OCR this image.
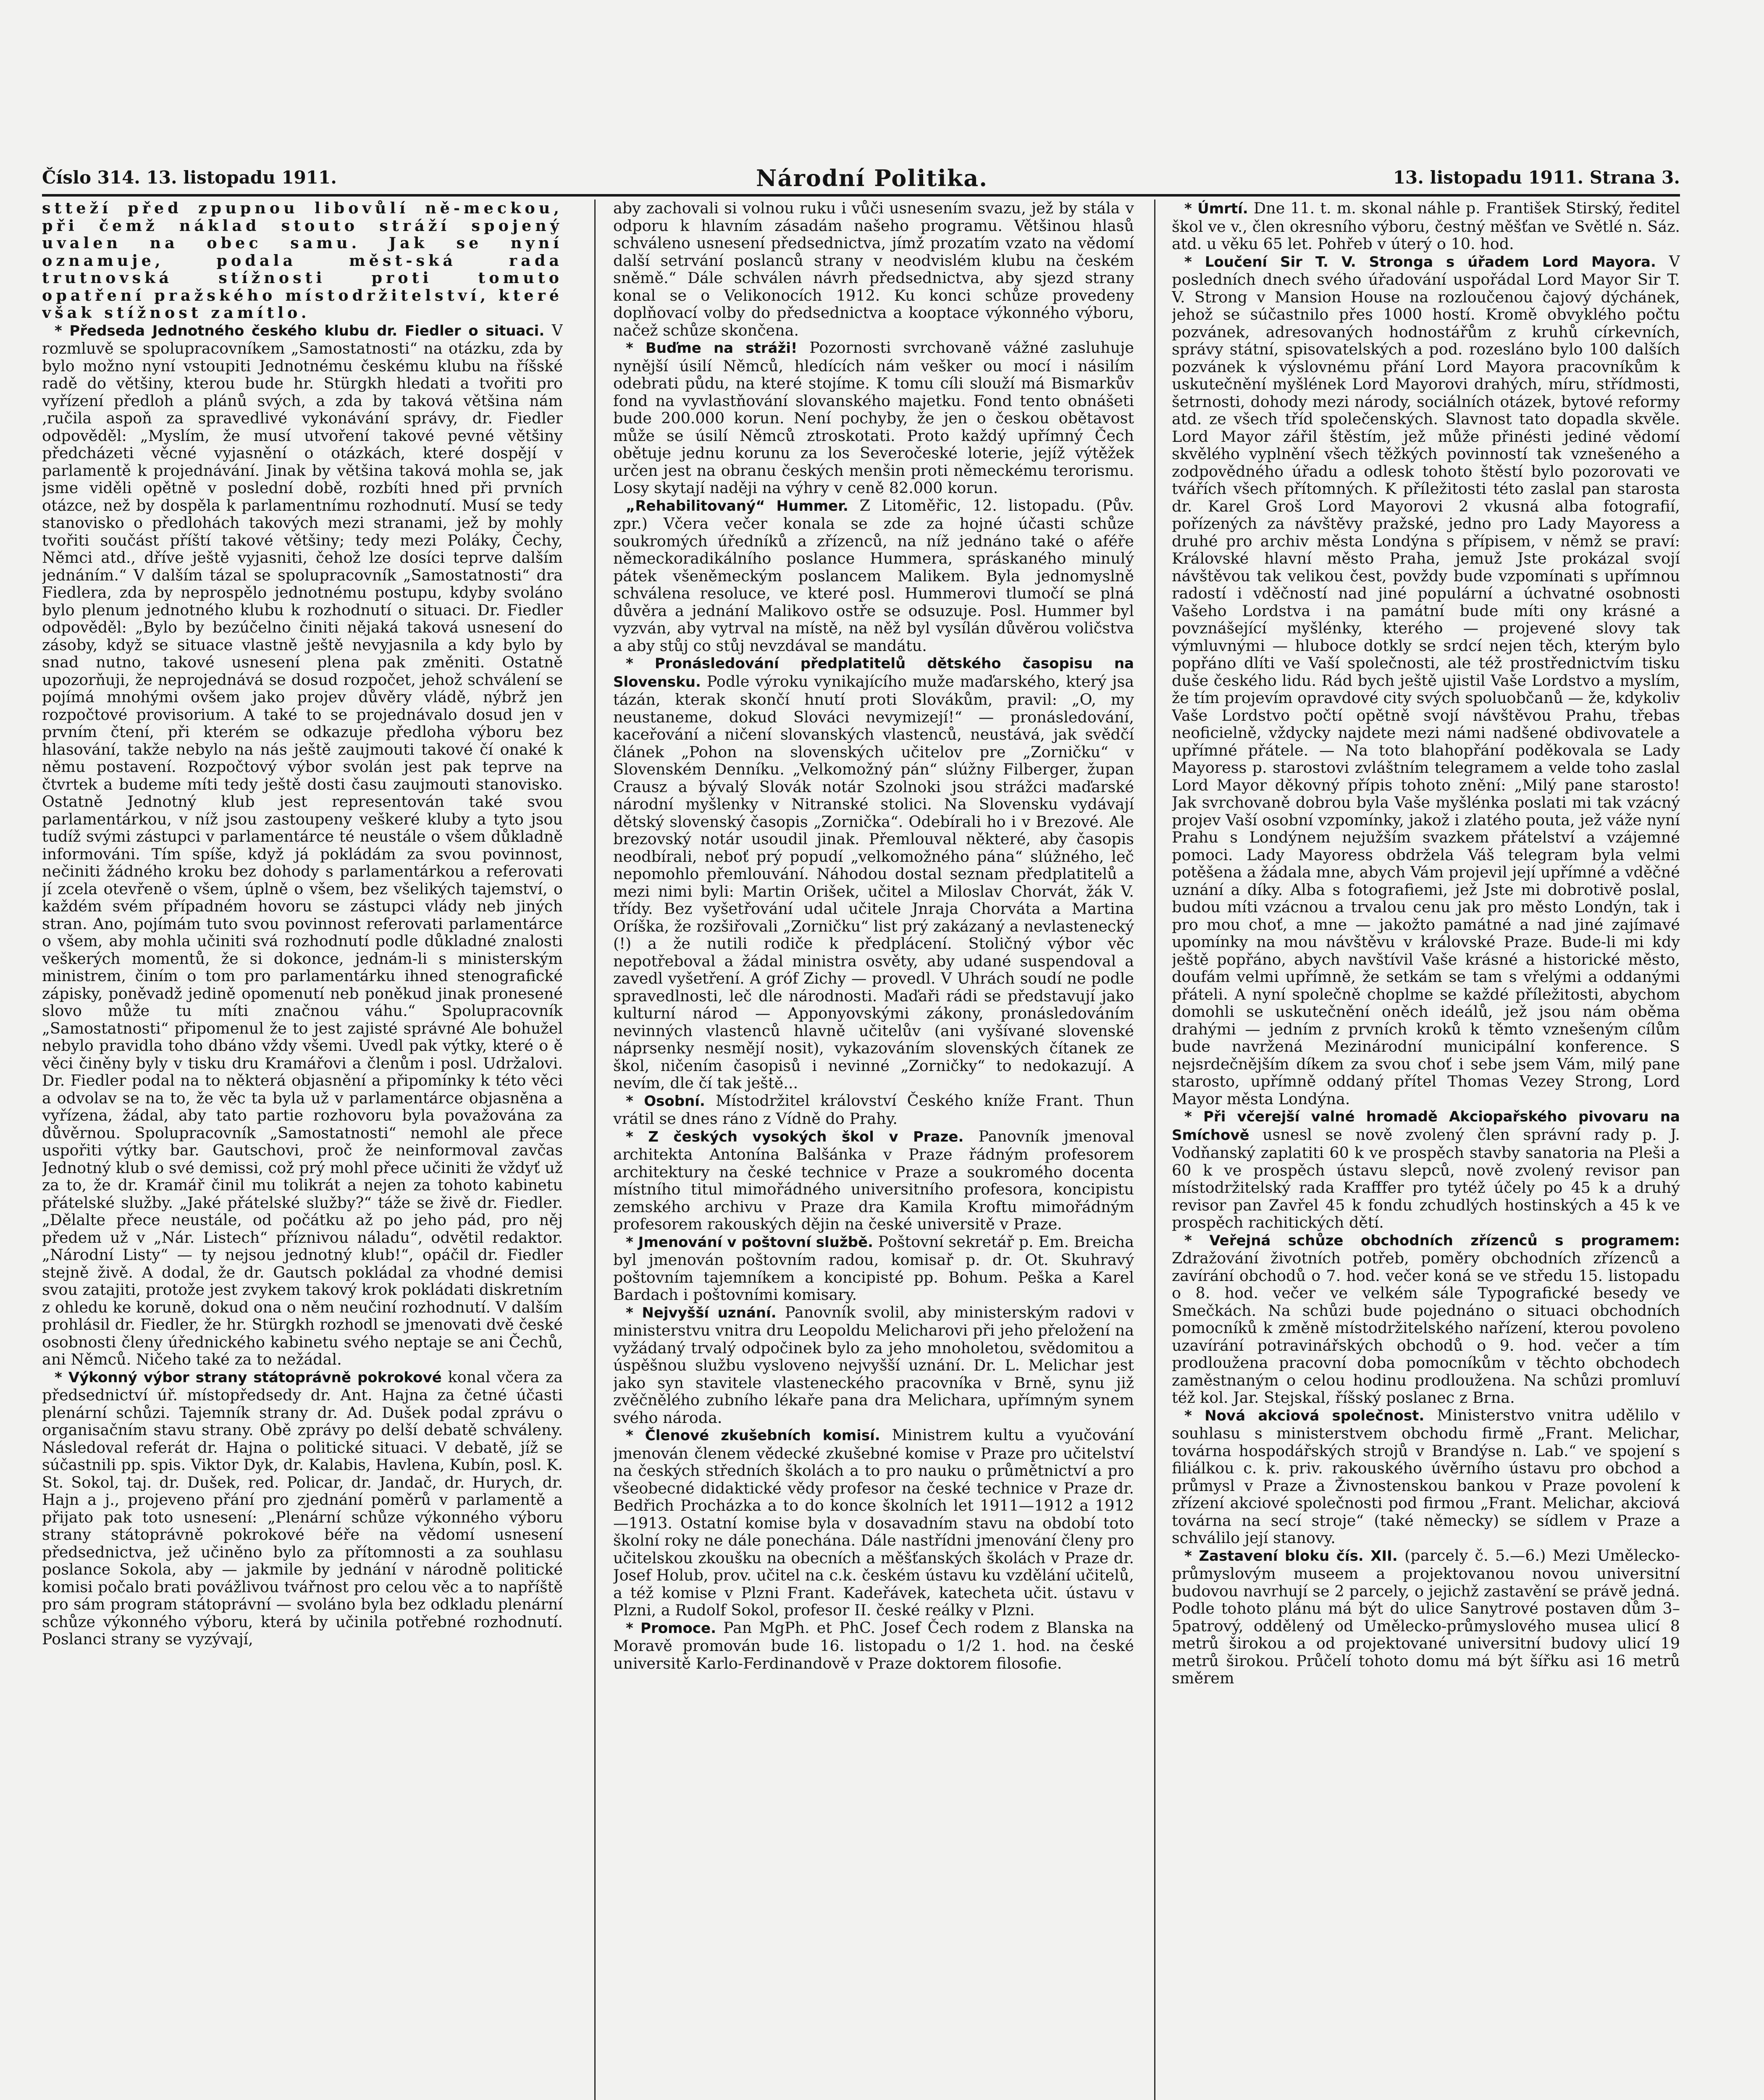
Číslo 314. 13. listopadu 1911.	Národní Politika.	13. listopadu 1911. Strana 3.

stteží před zpupnou libovůlí ně-meckou, při čemž náklad stouto stráží spojený uvalen na obec samu. Jak se nyní oznamuje, podala měst-ská rada trutnovská stížnosti proti tomuto opatření pražského místodržitelství, které však stížnost zamítlo.

* Předseda Jednotného českého klubu dr. Fiedler o situaci. V rozmluvě se spolupracovníkem „Samostatnosti“ na otázku, zda by bylo možno nyní vstoupiti Jednotnému českému klubu na říšské radě do většiny, kterou bude hr. Stürgkh hledati a tvořiti pro vyřízení předloh a plánů svých, a zda by taková většina nám ‚ručila aspoň za spravedlivé vykonávání správy, dr. Fiedler odpověděl: „Myslím, že musí utvoření takové pevné většiny předcházeti věcné vyjasnění o otázkách, které dospějí v parlamentě k projednávání. Jinak by většina taková mohla se, jak jsme viděli opětně v poslední době, rozbíti hned při prvních otázce, než by dospěla k parlamentnímu rozhodnutí. Musí se tedy stanovisko o předlohách takových mezi stranami, jež by mohly tvořiti součást příští takové většiny; tedy mezi Poláky, Čechy, Němci atd., dříve ještě vyjasniti, čehož lze dosíci teprve dalším jednáním.“ V dalším tázal se spolupracovník „Samostatnosti“ dra Fiedlera, zda by neprospělo jednotnému postupu, kdyby svoláno bylo plenum jednotného klubu k rozhodnutí o situaci. Dr. Fiedler odpověděl: „Bylo by bezúčelno činiti nějaká taková usnesení do zásoby, když se situace vlastně ještě nevyjasnila a kdy bylo by snad nutno, takové usnesení plena pak změniti. Ostatně upozorňuji, že neprojednává se dosud rozpočet, jehož schválení se pojímá mnohými ovšem jako projev důvěry vládě, nýbrž jen rozpočtové provisorium. A také to se projednávalo dosud jen v prvním čtení, při kterém se odkazuje předloha výboru bez hlasování, takže nebylo na nás ještě zaujmouti takové čí onaké k němu postavení. Rozpočtový výbor svolán jest pak teprve na čtvrtek a budeme míti tedy ještě dosti času zaujmouti stanovisko. Ostatně Jednotný klub jest representován také svou parlamentárkou, v níž jsou zastoupeny veškeré kluby a tyto jsou tudíž svými zástupci v parlamentárce té neustále o všem důkladně informováni. Tím spíše, když já pokládám za svou povinnost, nečiniti žádného kroku bez dohody s parlamentárkou a referovati jí zcela otevřeně o všem, úplně o všem, bez všelikých tajemství, o každém svém případném hovoru se zástupci vlády neb jiných stran. Ano, pojímám tuto svou povinnost referovati parlamentárce o všem, aby mohla učiniti svá rozhodnutí podle důkladné znalosti veškerých momentů, že si dokonce, jednám-li s ministerským ministrem, činím o tom pro parlamentárku ihned stenografické zápisky, poněvadž jedině opomenutí neb poněkud jinak pronesené slovo může tu míti značnou váhu.“ Spolupracovník „Samostatnosti“ připomenul že to jest zajisté správné Ale bohužel nebylo pravidla toho dbáno vždy všemi. Uvedl pak výtky, které o ě věci činěny byly v tisku dru Kramářovi a členům i posl. Udržalovi. Dr. Fiedler podal na to některá objasnění a připomínky k této věci a odvolav se na to, že věc ta byla už v parlamentárce objasněna a vyřízena, žádal, aby tato partie rozhovoru byla považována za důvěrnou. Spolupracovník „Samostatnosti“ nemohl ale přece uspořiti výtky bar. Gautschovi, proč že neinformoval zavčas Jednotný klub o své demissi, což prý mohl přece učiniti že vždyť už za to, že dr. Kramář činil mu tolikrát a nejen za tohoto kabinetu přátelské služby. „Jaké přátelské služby?“ táže se živě dr. Fiedler. „Dělalte přece neustále, od počátku až po jeho pád, pro něj předem už v „Nár. Listech“ příznivou náladu“, odvětil redaktor. „Národní Listy“ — ty nejsou jednotný klub!“, opáčil dr. Fiedler stejně živě. A dodal, že dr. Gautsch pokládal za vhodné demisi svou zatajiti, protože jest zvykem takový krok pokládati diskretním z ohledu ke koruně, dokud ona o něm neučiní rozhodnutí. V dalším prohlásil dr. Fiedler, že hr. Stürgkh rozhodl se jmenovati dvě české osobnosti členy úřednického kabinetu svého neptaje se ani Čechů, ani Němců. Ničeho také za to nežádal.

* Výkonný výbor strany státoprávně pokrokové konal včera za předsednictví úř. místopředsedy dr. Ant. Hajna za četné účasti plenární schůzi. Tajemník strany dr. Ad. Dušek podal zprávu o organisačním stavu strany. Obě zprávy po delší debatě schváleny. Následoval referát dr. Hajna o politické situaci. V debatě, jíž se súčastnili pp. spis. Viktor Dyk, dr. Kalabis, Havlena, Kubín, posl. K. St. Sokol, taj. dr. Dušek, red. Policar, dr. Jandač, dr. Hurych, dr. Hajn a j., projeveno přání pro zjednání poměrů v parlamentě a přijato pak toto usnesení: „Plenární schůze výkonného výboru strany státoprávně pokrokové béře na vědomí usnesení předsednictva, jež učiněno bylo za přítomnosti a za souhlasu poslance Sokola, aby — jakmile by jednání v národně politické komisi počalo brati povážlivou tvářnost pro celou věc a to napříště pro sám program státoprávní — svoláno byla bez odkladu plenární schůze výkonného výboru, která by učinila potřebné rozhodnutí. Poslanci strany se vyzývají,

aby zachovali si volnou ruku i vůči usnesením svazu, jež by stála v odporu k hlavním zásadám našeho programu. Většinou hlasů schváleno usnesení předsednictva, jímž prozatím vzato na vědomí další setrvání poslanců strany v neodvislém klubu na českém sněmě.“ Dále schválen návrh předsednictva, aby sjezd strany konal se o Velikonocích 1912. Ku konci schůze provedeny doplňovací volby do předsednictva a kooptace výkonného výboru, načež schůze skončena.

* Buďme na stráži! Pozornosti svrchovaně vážné zasluhuje nynější úsilí Němců, hledících nám vešker ou mocí i násilím odebrati půdu, na které stojíme. K tomu cíli slouží má Bismarkův fond na vyvlastňování slovanského majetku. Fond tento obnášeti bude 200.000 korun. Není pochyby, že jen o českou obětavost může se úsilí Němců ztroskotati. Proto každý upřímný Čech obětuje jednu korunu za los Severočeské loterie, jejíž výtěžek určen jest na obranu českých menšin proti německému terorismu. Losy skytají naději na výhry v ceně 82.000 korun.

„Rehabilitovaný“ Hummer. Z Litoměřic, 12. listopadu. (Pův. zpr.) Včera večer konala se zde za hojné účasti schůze soukromých úředníků a zřízenců, na níž jednáno také o aféře německoradikálního poslance Hummera, spráskaného minulý pátek všeněmeckým poslancem Malikem. Byla jednomyslně schválena resoluce, ve které posl. Hummerovi tlumočí se plná důvěra a jednání Malikovo ostře se odsuzuje. Posl. Hummer byl vyzván, aby vytrval na místě, na něž byl vysílán důvěrou voličstva a aby stůj co stůj nevzdával se mandátu.

* Pronásledování předplatitelů dětského časopisu na Slovensku. Podle výroku vynikajícího muže maďarského, který jsa tázán, kterak skončí hnutí proti Slovákům, pravil: „O, my neustaneme, dokud Slováci nevymizejí!“ — pronásledování, kaceřování a ničení slovanských vlastenců, neustává, jak svědčí článek „Pohon na slovenských učitelov pre „Zorničku“ v Slovenském Denníku. „Velkomožný pán“ slúžny Filberger, župan Crausz a bývalý Slovák notár Szolnoki jsou strážci maďarské národní myšlenky v Nitranské stolici. Na Slovensku vydávají dětský slovenský časopis „Zornička“. Odebírali ho i v Brezové. Ale brezovský notár usoudil jinak. Přemlouval některé, aby časopis neodbírali, neboť prý popudí „velkomožného pána“ slúžného, leč nepomohlo přemlouvání. Náhodou dostal seznam předplatitelů a mezi nimi byli: Martin Orišek, učitel a Miloslav Chorvát, žák V. třídy. Bez vyšetřování udal učitele Jnraja Chorváta a Martina Oríška, že rozšiřovali „Zorničku“ list prý zakázaný a nevlastenecký (!) a že nutili rodiče k předplácení. Stoličný výbor věc nepotřeboval a žádal ministra osvěty, aby udané suspendoval a zavedl vyšetření. A gróf Zichy — provedl. V Uhrách soudí ne podle spravedlnosti, leč dle národnosti. Maďaři rádi se představují jako kulturní národ — Apponyovskými zákony, pronásledováním nevinných vlastenců hlavně učitelův (ani vyšívané slovenské náprsenky nesmějí nosit), vykazováním slovenských čítanek ze škol, ničením časopisů i nevinné „Zorničky“ to nedokazují. A nevím, dle čí tak ještě...

* Osobní. Místodržitel království Českého kníže Frant. Thun vrátil se dnes ráno z Vídně do Prahy.

* Z českých vysokých škol v Praze. Panovník jmenoval architekta Antonína Balšánka v Praze řádným profesorem architektury na české technice v Praze a soukromého docenta místního titul mimořádného universitního profesora, koncipistu zemského archivu v Praze dra Kamila Kroftu mimořádným profesorem rakouských dějin na české universitě v Praze.

* Jmenování v poštovní službě. Poštovní sekretář p. Em. Breicha byl jmenován poštovním radou, komisař p. dr. Ot. Skuhravý poštovním tajemníkem a koncipisté pp. Bohum. Peška a Karel Bardach i poštovními komisary.

* Nejvyšší uznání. Panovník svolil, aby ministerským radovi v ministerstvu vnitra dru Leopoldu Melicharovi při jeho přeložení na vyžádaný trvalý odpočinek bylo za jeho mnoholetou, svědomitou a úspěšnou službu vysloveno nejvyšší uznání. Dr. L. Melichar jest jako syn stavitele vlasteneckého pracovníka v Brně, synu již zvěčnělého zubního lékaře pana dra Melichara, upřímným synem svého národa.

* Členové zkušebních komisí. Ministrem kultu a vyučování jmenován členem vědecké zkušebné komise v Praze pro učitelství na českých středních školách a to pro nauku o průmětnictví a pro všeobecné didaktické vědy profesor na české technice v Praze dr. Bedřich Procházka a to do konce školních let 1911—1912 a 1912—1913. Ostatní komise byla v dosavadním stavu na období toto školní roky ne dále ponechána. Dále nastřídni jmenování členy pro učitelskou zkoušku na obecních a měšťanských školách v Praze dr. Josef Holub, prov. učitel na c.k. českém ústavu ku vzdělání učitelů, a též komise v Plzni Frant. Kadeřávek, katecheta učit. ústavu v Plzni, a Rudolf Sokol, profesor II. české reálky v Plzni.

* Promoce. Pan MgPh. et PhC. Josef Čech rodem z Blanska na Moravě promován bude 16. listopadu o 1/2 1. hod. na české universitě Karlo-Ferdinandově v Praze doktorem filosofie.

* Úmrtí. Dne 11. t. m. skonal náhle p. František Stirský, ředitel škol ve v., člen okresního výboru, čestný měšťan ve Světlé n. Sáz. atd. u věku 65 let. Pohřeb v úterý o 10. hod.

* Loučení Sir T. V. Stronga s úřadem Lord Mayora. V posledních dnech svého úřadování uspořádal Lord Mayor Sir T. V. Strong v Mansion House na rozloučenou čajový dýchánek, jehož se súčastnilo přes 1000 hostí. Kromě obvyklého počtu pozvánek, adresovaných hodnostářům z kruhů církevních, správy státní, spisovatelských a pod. rozesláno bylo 100 dalších pozvánek k výslovnému přání Lord Mayora pracovníkům k uskutečnění myšlének Lord Mayorovi drahých, míru, střídmosti, šetrnosti, dohody mezi národy, sociálních otázek, bytové reformy atd. ze všech tříd společenských. Slavnost tato dopadla skvěle. Lord Mayor zářil štěstím, jež může přinésti jediné vědomí skvělého vyplnění všech těžkých povinností tak vznešeného a zodpovědného úřadu a odlesk tohoto štěstí bylo pozorovati ve tvářích všech přítomných. K příležitosti této zaslal pan starosta dr. Karel Groš Lord Mayorovi 2 vkusná alba fotografií, pořízených za návštěvy pražské, jedno pro Lady Mayoress a druhé pro archiv města Londýna s přípisem, v němž se praví: Královské hlavní město Praha, jemuž Jste prokázal svojí návštěvou tak velikou čest, povždy bude vzpomínati s upřímnou radostí i vděčností nad jiné populární a úchvatné osobnosti Vašeho Lordstva i na památní bude míti ony krásné a povznášející myšlénky, kterého — projevené slovy tak výmluvnými — hluboce dotkly se srdcí nejen těch, kterým bylo popřáno dlíti ve Vaší společnosti, ale též prostřednictvím tisku duše českého lidu. Rád bych ještě ujistil Vaše Lordstvo a myslím, že tím projevím opravdové city svých spoluobčanů — že, kdykoliv Vaše Lordstvo počtí opětně svojí návštěvou Prahu, třebas neoficielně, vždycky najdete mezi námi nadšené obdivovatele a upřímné přátele. — Na toto blahopřání poděkovala se Lady Mayoress p. starostovi zvláštním telegramem a velde toho zaslal Lord Mayor děkovný přípis tohoto znění: „Milý pane starosto! Jak svrchovaně dobrou byla Vaše myšlénka poslati mi tak vzácný projev Vaší osobní vzpomínky, jakož i zlatého pouta, jež váže nyní Prahu s Londýnem nejužším svazkem přátelství a vzájemné pomoci. Lady Mayoress obdržela Váš telegram byla velmi potěšena a žádala mne, abych Vám projevil její upřímné a vděčné uznání a díky. Alba s fotografiemi, jež Jste mi dobrotivě poslal, budou míti vzácnou a trvalou cenu jak pro město Londýn, tak i pro mou choť, a mne — jakožto památné a nad jiné zajímavé upomínky na mou návštěvu v královské Praze. Bude-li mi kdy ještě popřáno, abych navštívil Vaše krásné a historické město, doufám velmi upřímně, že setkám se tam s vřelými a oddanými přáteli. A nyní společně choplme se každé příležitosti, abychom domohli se uskutečnění oněch ideálů, jež jsou nám oběma drahými — jedním z prvních kroků k těmto vznešeným cílům bude navržená Mezinárodní municipální konference. S nejsrdečnějším díkem za svou choť i sebe jsem Vám, milý pane starosto, upřímně oddaný přítel Thomas Vezey Strong, Lord Mayor města Londýna.

* Při včerejší valné hromadě Akciopařského pivovaru na Smíchově usnesl se nově zvolený člen správní rady p. J. Vodňanský zaplatiti 60 k ve prospěch stavby sanatoria na Pleši a 60 k ve prospěch ústavu slepců, nově zvolený revisor pan místodržitelský rada Krafffer pro tytéž účely po 45 k a druhý revisor pan Zavřel 45 k fondu zchudlých hostinských a 45 k ve prospěch rachitických dětí.

* Veřejná schůze obchodních zřízenců s programem: Zdražování životních potřeb, poměry obchodních zřízenců a zavírání obchodů o 7. hod. večer koná se ve středu 15. listopadu o 8. hod. večer ve velkém sále Typografické besedy ve Smečkách. Na schůzi bude pojednáno o situaci obchodních pomocníků k změně místodržitelského nařízení, kterou povoleno uzavírání potravinářských obchodů o 9. hod. večer a tím prodloužena pracovní doba pomocníkům v těchto obchodech zaměstnaným o celou hodinu prodloužena. Na schůzi promluví též kol. Jar. Stejskal, říšský poslanec z Brna.

* Nová akciová společnost. Ministerstvo vnitra udělilo v souhlasu s ministerstvem obchodu firmě „Frant. Melichar, továrna hospodářských strojů v Brandýse n. Lab.“ ve spojení s filiálkou c. k. priv. rakouského úvěrního ústavu pro obchod a průmysl v Praze a Živnostenskou bankou v Praze povolení k zřízení akciové společnosti pod firmou „Frant. Melichar, akciová továrna na secí stroje“ (také německy) se sídlem v Praze a schválilo její stanovy.

* Zastavení bloku čís. XII. (parcely č. 5.—6.) Mezi Umělecko-průmyslovým museem a projektovanou novou universitní budovou navrhují se 2 parcely, o jejichž zastavění se právě jedná. Podle tohoto plánu má být do ulice Sanytrové postaven dům 3–5patrový, oddělený od Umělecko-průmyslového musea ulicí 8 metrů širokou a od projektované universitní budovy ulicí 19 metrů širokou. Průčelí tohoto domu má být šířku asi 16 metrů směrem
